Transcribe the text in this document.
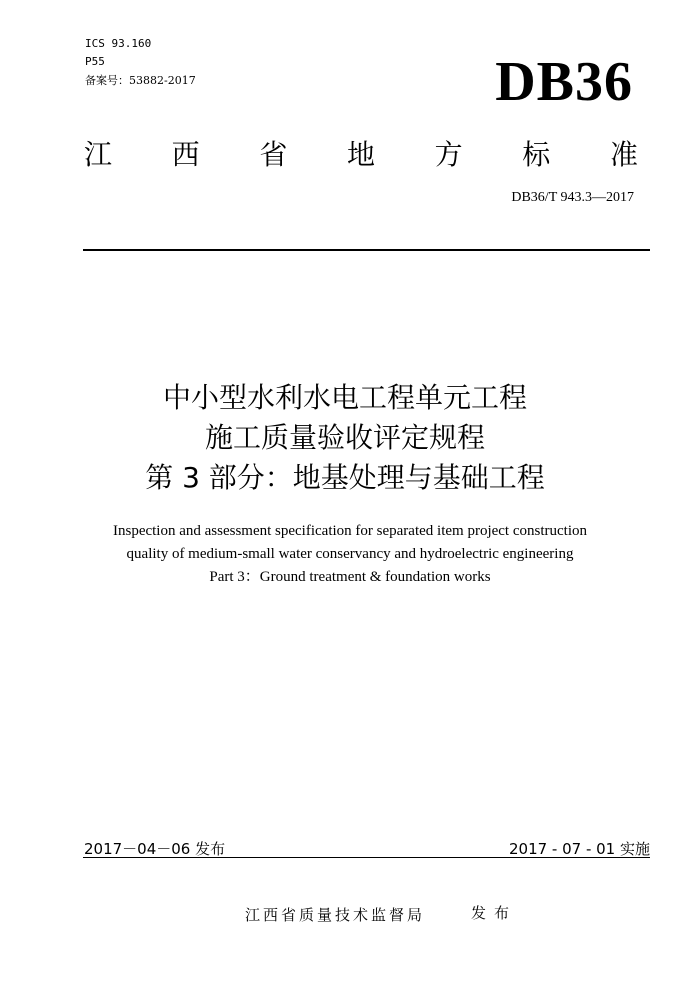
ICS 93.160
P55
备案号：53882-2017	DB36
江 西 省 地 方 标 准
DB36/T 943.3—2017
中小型水利水电工程单元工程
施工质量验收评定规程
第 3 部分：地基处理与基础工程
Inspection and assessment specification for separated item project construction
quality of medium-small water conservancy and hydroelectric engineering
Part 3：Ground treatment & foundation works
2017－04－06 发布	2017 - 07 - 01 实施
江西省质量技术监督局	发布
